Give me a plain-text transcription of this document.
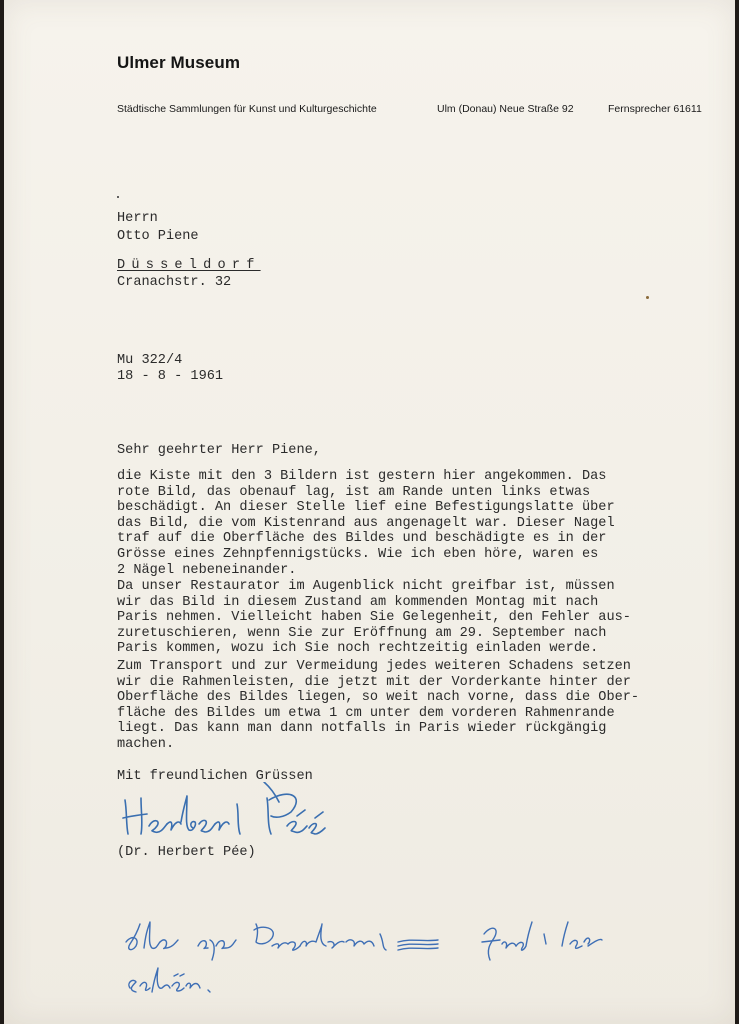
Ulmer Museum
Städtische Sammlungen für Kunst und Kulturgeschichte	Ulm (Donau) Neue Straße 92	Fernsprecher 61611
Herrn
Otto Piene
Düsseldorf
Cranachstr. 32
Mu 322/4
18 - 8 - 1961
Sehr geehrter Herr Piene,
die Kiste mit den 3 Bildern ist gestern hier angekommen. Das
rote Bild, das obenauf lag, ist am Rande unten links etwas
beschädigt. An dieser Stelle lief eine Befestigungslatte über
das Bild, die vom Kistenrand aus angenagelt war. Dieser Nagel
traf auf die Oberfläche des Bildes und beschädigte es in der
Grösse eines Zehnpfennigstücks. Wie ich eben höre, waren es
2 Nägel nebeneinander.
Da unser Restaurator im Augenblick nicht greifbar ist, müssen
wir das Bild in diesem Zustand am kommenden Montag mit nach
Paris nehmen. Vielleicht haben Sie Gelegenheit, den Fehler aus-
zuretuschieren, wenn Sie zur Eröffnung am 29. September nach
Paris kommen, wozu ich Sie noch rechtzeitig einladen werde.
Zum Transport und zur Vermeidung jedes weiteren Schadens setzen
wir die Rahmenleisten, die jetzt mit der Vorderkante hinter der
Oberfläche des Bildes liegen, so weit nach vorne, dass die Ober-
fläche des Bildes um etwa 1 cm unter dem vorderen Rahmenrande
liegt. Das kann man dann notfalls in Paris wieder rückgängig
machen.
Mit freundlichen Grüssen
(Dr. Herbert Pée)
